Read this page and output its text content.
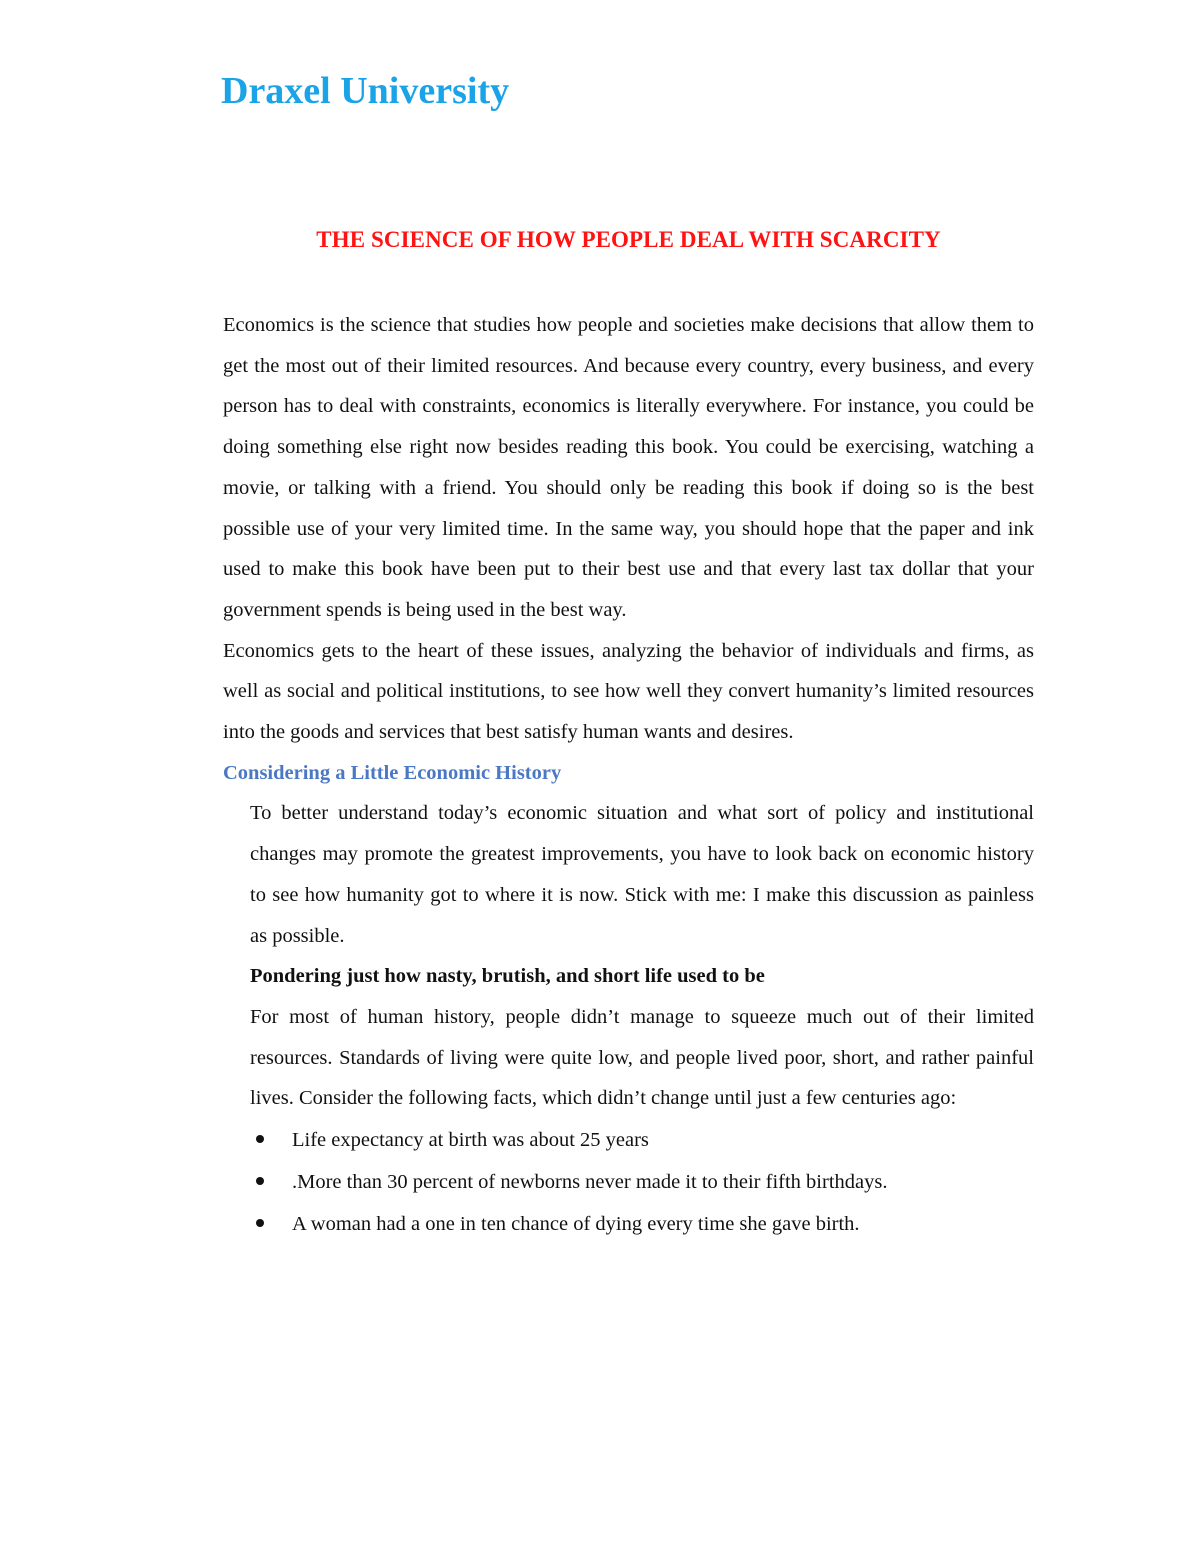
Draxel University
THE SCIENCE OF HOW PEOPLE DEAL WITH SCARCITY

Economics is the science that studies how people and societies make decisions that allow them to get the most out of their limited resources. And because every country, every business, and every person has to deal with constraints, economics is literally everywhere. For instance, you could be doing something else right now besides reading this book. You could be exercising, watching a movie, or talking with a friend. You should only be reading this book if doing so is the best possible use of your very limited time. In the same way, you should hope that the paper and ink used to make this book have been put to their best use and that every last tax dollar that your government spends is being used in the best way.

Economics gets to the heart of these issues, analyzing the behavior of individuals and firms, as well as social and political institutions, to see how well they convert humanity’s limited resources into the goods and services that best satisfy human wants and desires.

Considering a Little Economic History

To better understand today’s economic situation and what sort of policy and institutional changes may promote the greatest improvements, you have to look back on economic history to see how humanity got to where it is now. Stick with me: I make this discussion as painless as possible.

Pondering just how nasty, brutish, and short life used to be

For most of human history, people didn’t manage to squeeze much out of their limited resources. Standards of living were quite low, and people lived poor, short, and rather painful lives. Consider the following facts, which didn’t change until just a few centuries ago:

Life expectancy at birth was about 25 years
.More than 30 percent of newborns never made it to their fifth birthdays.
A woman had a one in ten chance of dying every time she gave birth.
